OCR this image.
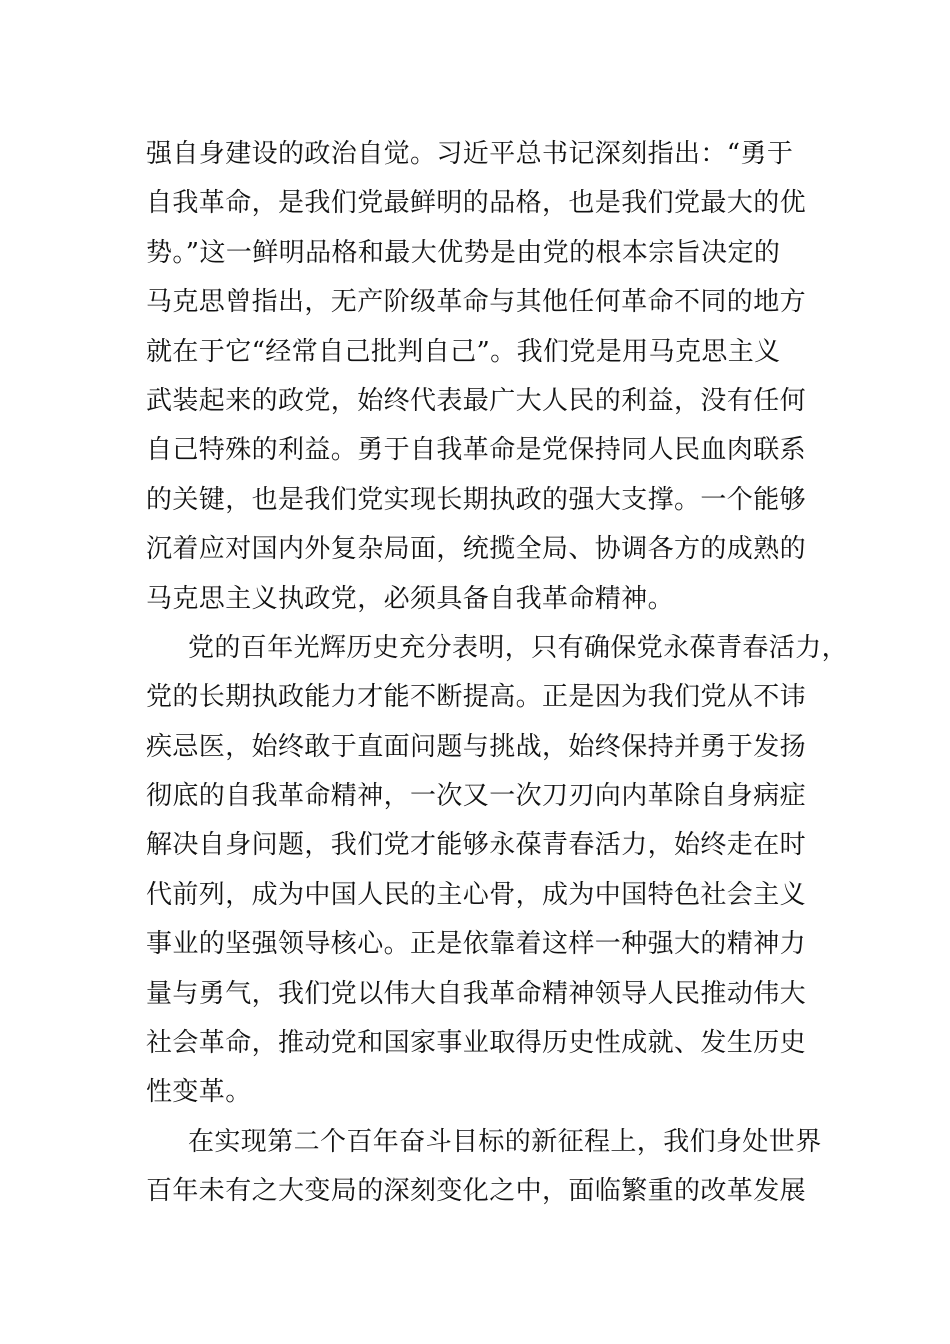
强自身建设的政治自觉。习近平总书记深刻指出：“勇于
自我革命，是我们党最鲜明的品格，也是我们党最大的优
势。”这一鲜明品格和最大优势是由党的根本宗旨决定的
马克思曾指出，无产阶级革命与其他任何革命不同的地方
就在于它“经常自己批判自己”。我们党是用马克思主义
武装起来的政党，始终代表最广大人民的利益，没有任何
自己特殊的利益。勇于自我革命是党保持同人民血肉联系
的关键，也是我们党实现长期执政的强大支撑。一个能够
沉着应对国内外复杂局面，统揽全局、协调各方的成熟的
马克思主义执政党，必须具备自我革命精神。
党的百年光辉历史充分表明，只有确保党永葆青春活力，
党的长期执政能力才能不断提高。正是因为我们党从不讳
疾忌医，始终敢于直面问题与挑战，始终保持并勇于发扬
彻底的自我革命精神，一次又一次刀刃向内革除自身病症
解决自身问题，我们党才能够永葆青春活力，始终走在时
代前列，成为中国人民的主心骨，成为中国特色社会主义
事业的坚强领导核心。正是依靠着这样一种强大的精神力
量与勇气，我们党以伟大自我革命精神领导人民推动伟大
社会革命，推动党和国家事业取得历史性成就、发生历史
性变革。
在实现第二个百年奋斗目标的新征程上，我们身处世界
百年未有之大变局的深刻变化之中，面临繁重的改革发展
